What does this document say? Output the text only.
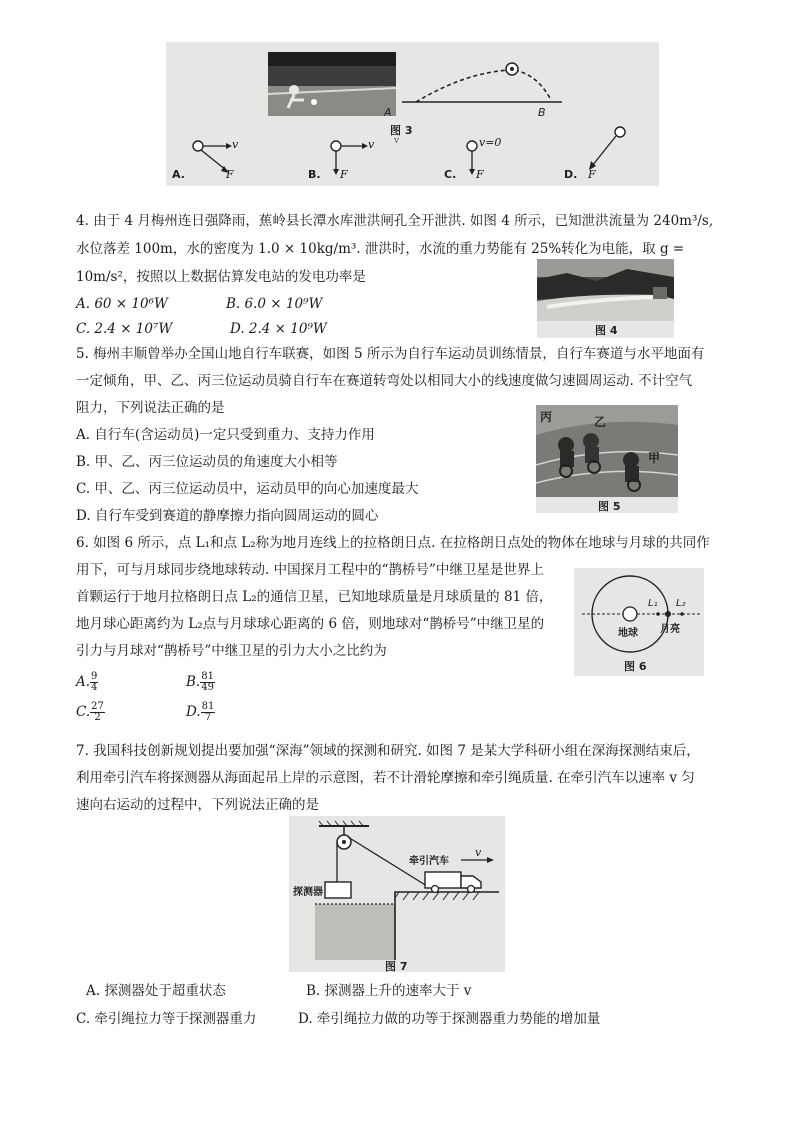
A	B
图 3
v
A.
v
F	B.
v
F	C.
v=0
F	D. F
4. 由于 4 月梅州连日强降雨，蕉岭县长潭水库泄洪闸孔全开泄洪. 如图 4 所示，已知泄洪流量为 240m³/s,
水位落差 100m，水的密度为 1.0 × 10kg/m³. 泄洪时，水流的重力势能有 25%转化为电能，取 g =
10m/s²，按照以上数据估算发电站的发电功率是
A. 60 × 10⁶W	B. 6.0 × 10⁹W
C. 2.4 × 10⁷W	D. 2.4 × 10⁹W	图 4
5. 梅州丰顺曾举办全国山地自行车联赛，如图 5 所示为自行车运动员训练情景，自行车赛道与水平地面有
一定倾角，甲、乙、丙三位运动员骑自行车在赛道转弯处以相同大小的线速度做匀速圆周运动. 不计空气
阻力，下列说法正确的是
A. 自行车(含运动员)一定只受到重力、支持力作用
B. 甲、乙、丙三位运动员的角速度大小相等
C. 甲、乙、丙三位运动员中，运动员甲的向心加速度最大
D. 自行车受到赛道的静摩擦力指向圆周运动的圆心
丙	乙
甲
图 5
6. 如图 6 所示，点 L₁和点 L₂称为地月连线上的拉格朗日点. 在拉格朗日点处的物体在地球与月球的共同作
用下，可与月球同步绕地球转动. 中国探月工程中的“鹊桥号”中继卫星是世界上
首颗运行于地月拉格朗日点 L₂的通信卫星，已知地球质量是月球质量的 81 倍，
地月球心距离约为 L₂点与月球球心距离的 6 倍，则地球对“鹊桥号”中继卫星的
引力与月球对“鹊桥号”中继卫星的引力大小之比约为
A. $\frac{9}{4}$	B. $\frac{81}{49}$
C. $\frac{27}{2}$	D. $\frac{81}{7}$
L₁ L₂
地球 月亮
图 6
7. 我国科技创新规划提出要加强“深海”领域的探测和研究. 如图 7 是某大学科研小组在深海探测结束后，
利用牵引汽车将探测器从海面起吊上岸的示意图，若不计滑轮摩擦和牵引绳质量. 在牵引汽车以速率 v 匀
速向右运动的过程中，下列说法正确的是
牵引汽车
v
探测器
图 7
A. 探测器处于超重状态	B. 探测器上升的速率大于 v
C. 牵引绳拉力等于探测器重力	D. 牵引绳拉力做的功等于探测器重力势能的增加量
